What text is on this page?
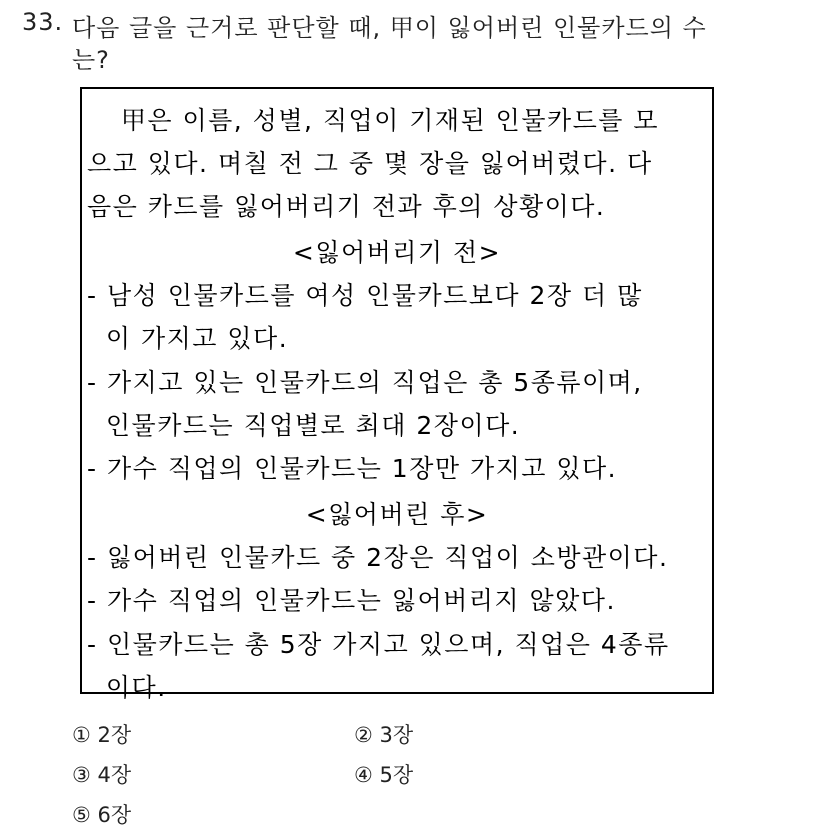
33. 다음 글을 근거로 판단할 때, 甲이 잃어버린 인물카드의 수
는?
甲은 이름, 성별, 직업이 기재된 인물카드를 모
으고 있다. 며칠 전 그 중 몇 장을 잃어버렸다. 다
음은 카드를 잃어버리기 전과 후의 상황이다.
<잃어버리기 전>
- 남성 인물카드를 여성 인물카드보다 2장 더 많
이 가지고 있다.
- 가지고 있는 인물카드의 직업은 총 5종류이며,
인물카드는 직업별로 최대 2장이다.
- 가수 직업의 인물카드는 1장만 가지고 있다.
<잃어버린 후>
- 잃어버린 인물카드 중 2장은 직업이 소방관이다.
- 가수 직업의 인물카드는 잃어버리지 않았다.
- 인물카드는 총 5장 가지고 있으며, 직업은 4종류
이다.
① 2장	② 3장
③ 4장	④ 5장
⑤ 6장
